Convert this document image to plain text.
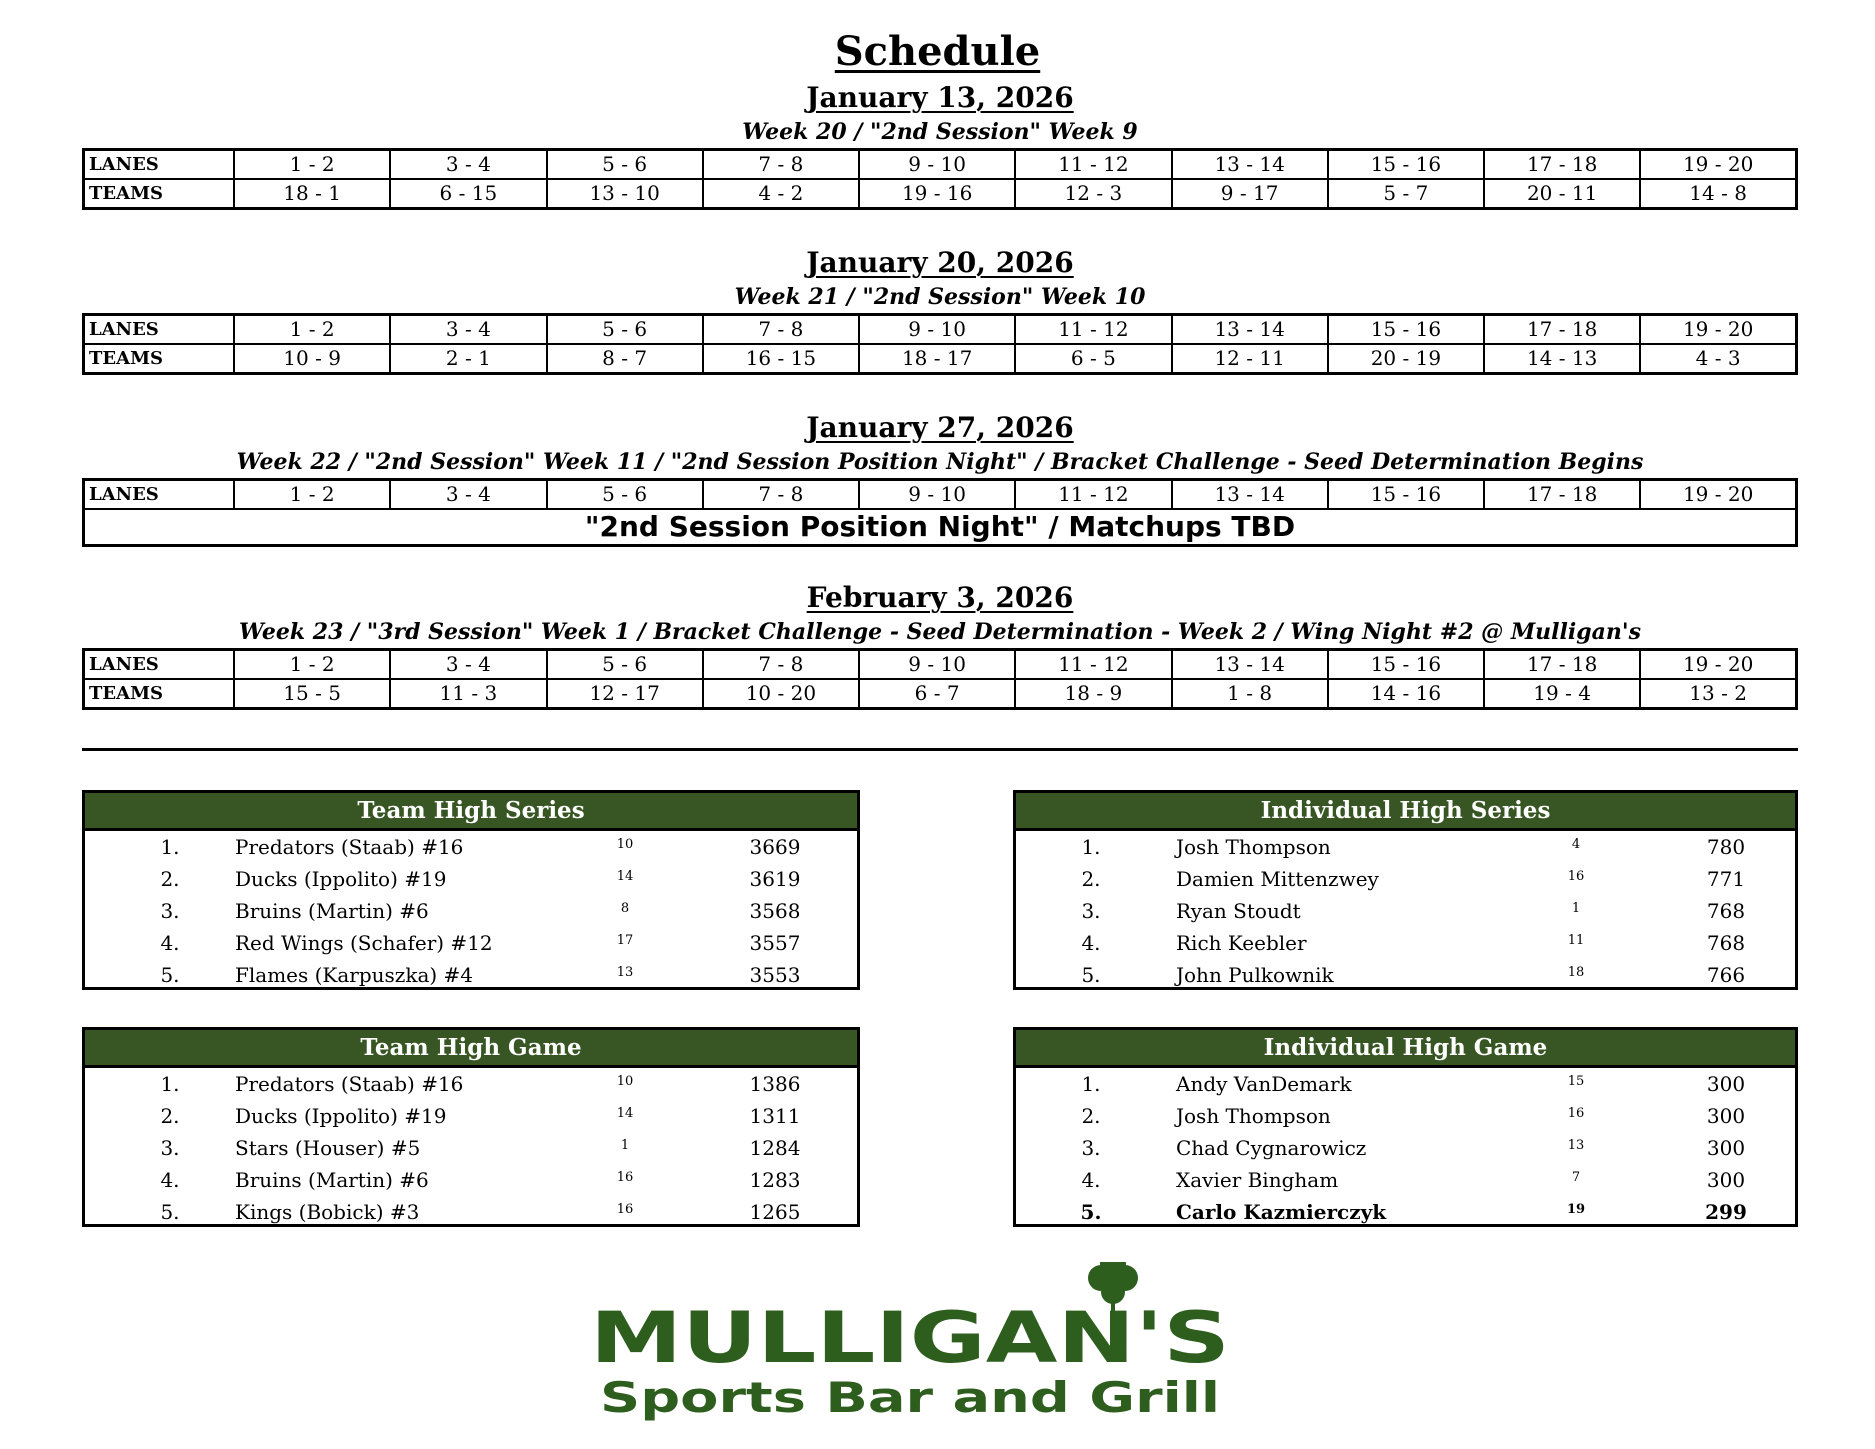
Schedule
January 13, 2026
Week 20 / "2nd Session" Week 9
LANES	1 - 2	3 - 4	5 - 6	7 - 8	9 - 10	11 - 12	13 - 14	15 - 16	17 - 18	19 - 20
TEAMS	18 - 1	6 - 15	13 - 10	4 - 2	19 - 16	12 - 3	9 - 17	5 - 7	20 - 11	14 - 8
January 20, 2026
Week 21 / "2nd Session" Week 10
LANES	1 - 2	3 - 4	5 - 6	7 - 8	9 - 10	11 - 12	13 - 14	15 - 16	17 - 18	19 - 20
TEAMS	10 - 9	2 - 1	8 - 7	16 - 15	18 - 17	6 - 5	12 - 11	20 - 19	14 - 13	4 - 3
January 27, 2026
Week 22 / "2nd Session" Week 11 / "2nd Session Position Night" / Bracket Challenge - Seed Determination Begins
LANES	1 - 2	3 - 4	5 - 6	7 - 8	9 - 10	11 - 12	13 - 14	15 - 16	17 - 18	19 - 20
"2nd Session Position Night" / Matchups TBD
February 3, 2026
Week 23 / "3rd Session" Week 1 / Bracket Challenge - Seed Determination - Week 2 / Wing Night #2 @ Mulligan's
LANES	1 - 2	3 - 4	5 - 6	7 - 8	9 - 10	11 - 12	13 - 14	15 - 16	17 - 18	19 - 20
TEAMS	15 - 5	11 - 3	12 - 17	10 - 20	6 - 7	18 - 9	1 - 8	14 - 16	19 - 4	13 - 2
Team High Series
1.	Predators (Staab) #16	10	3669
2.	Ducks (Ippolito) #19	14	3619
3.	Bruins (Martin) #6	8	3568
4.	Red Wings (Schafer) #12	17	3557
5.	Flames (Karpuszka) #4	13	3553
Individual High Series
1.	Josh Thompson	4	780
2.	Damien Mittenzwey	16	771
3.	Ryan Stoudt	1	768
4.	Rich Keebler	11	768
5.	John Pulkownik	18	766
Team High Game
1.	Predators (Staab) #16	10	1386
2.	Ducks (Ippolito) #19	14	1311
3.	Stars (Houser) #5	1	1284
4.	Bruins (Martin) #6	16	1283
5.	Kings (Bobick) #3	16	1265
Individual High Game
1.	Andy VanDemark	15	300
2.	Josh Thompson	16	300
3.	Chad Cygnarowicz	13	300
4.	Xavier Bingham	7	300
5.	Carlo Kazmierczyk	19	299
MULLIGAN'S
Sports Bar and Grill
